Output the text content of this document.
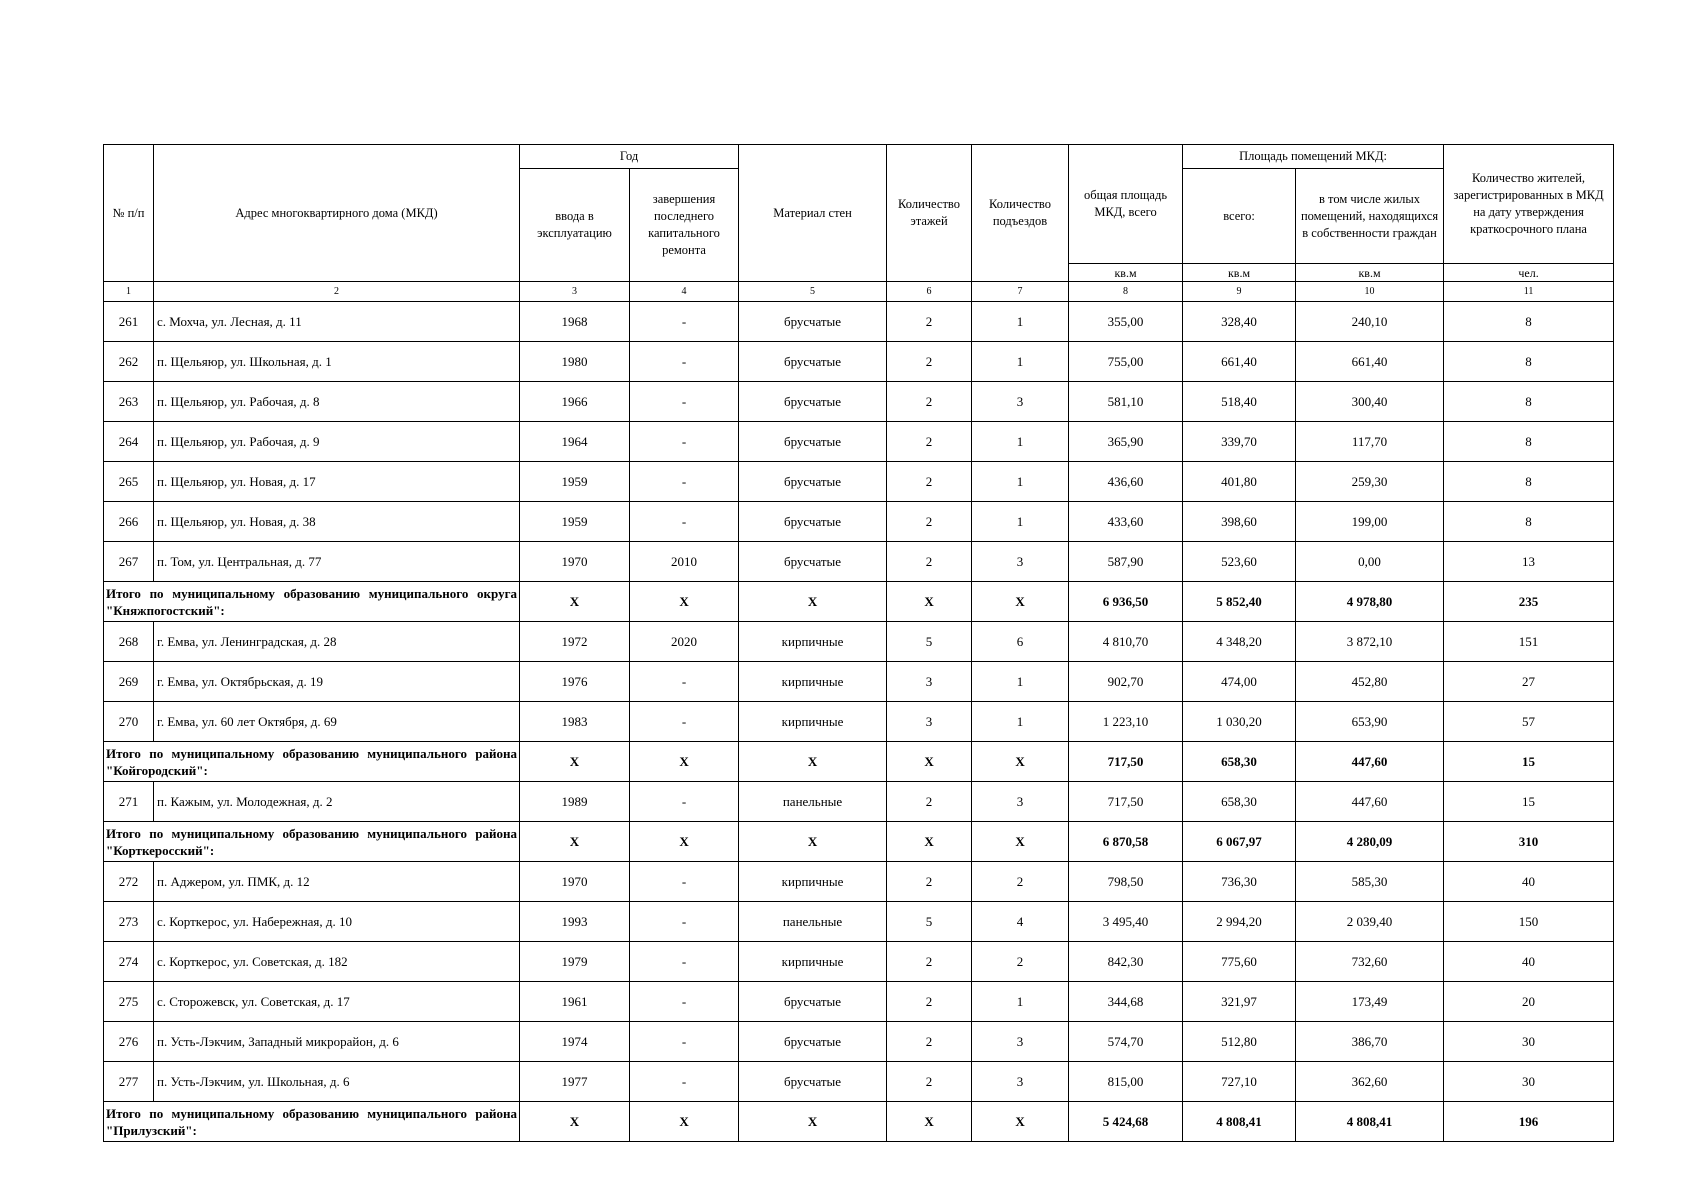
№ п/п	Адрес многоквартирного дома (МКД)	Год		Материал стен	Количество этажей	Количество подъездов	общая площадь МКД, всего	Площадь помещений МКД:		Количество жителей, зарегистрированных в МКД на дату утверждения краткосрочного плана
		ввода в эксплуатацию	завершения последнего капитального ремонта					всего:	в том числе жилых помещений, находящихся в собственности граждан	
							кв.м	кв.м	кв.м	чел.
1	2	3	4	5	6	7	8	9	10	11
261	с. Мохча, ул. Лесная, д. 11	1968	-	брусчатые	2	1	355,00	328,40	240,10	8
262	п. Щельяюр, ул. Школьная, д. 1	1980	-	брусчатые	2	1	755,00	661,40	661,40	8
263	п. Щельяюр, ул. Рабочая, д. 8	1966	-	брусчатые	2	3	581,10	518,40	300,40	8
264	п. Щельяюр, ул. Рабочая, д. 9	1964	-	брусчатые	2	1	365,90	339,70	117,70	8
265	п. Щельяюр, ул. Новая, д. 17	1959	-	брусчатые	2	1	436,60	401,80	259,30	8
266	п. Щельяюр, ул. Новая, д. 38	1959	-	брусчатые	2	1	433,60	398,60	199,00	8
267	п. Том, ул. Центральная, д. 77	1970	2010	брусчатые	2	3	587,90	523,60	0,00	13
Итого по муниципальному образованию муниципального округа "Княжпогостский":		X	X	X	X	X	6 936,50	5 852,40	4 978,80	235
268	г. Емва, ул. Ленинградская, д. 28	1972	2020	кирпичные	5	6	4 810,70	4 348,20	3 872,10	151
269	г. Емва, ул. Октябрьская, д. 19	1976	-	кирпичные	3	1	902,70	474,00	452,80	27
270	г. Емва, ул. 60 лет Октября, д. 69	1983	-	кирпичные	3	1	1 223,10	1 030,20	653,90	57
Итого по муниципальному образованию муниципального района "Койгородский":		X	X	X	X	X	717,50	658,30	447,60	15
271	п. Кажым, ул. Молодежная, д. 2	1989	-	панельные	2	3	717,50	658,30	447,60	15
Итого по муниципальному образованию муниципального района "Корткеросский":		X	X	X	X	X	6 870,58	6 067,97	4 280,09	310
272	п. Аджером, ул. ПМК, д. 12	1970	-	кирпичные	2	2	798,50	736,30	585,30	40
273	с. Корткерос, ул. Набережная, д. 10	1993	-	панельные	5	4	3 495,40	2 994,20	2 039,40	150
274	с. Корткерос, ул. Советская, д. 182	1979	-	кирпичные	2	2	842,30	775,60	732,60	40
275	с. Сторожевск, ул. Советская, д. 17	1961	-	брусчатые	2	1	344,68	321,97	173,49	20
276	п. Усть-Лэкчим, Западный микрорайон, д. 6	1974	-	брусчатые	2	3	574,70	512,80	386,70	30
277	п. Усть-Лэкчим, ул. Школьная, д. 6	1977	-	брусчатые	2	3	815,00	727,10	362,60	30
Итого по муниципальному образованию муниципального района "Прилузский":		X	X	X	X	X	5 424,68	4 808,41	4 808,41	196
